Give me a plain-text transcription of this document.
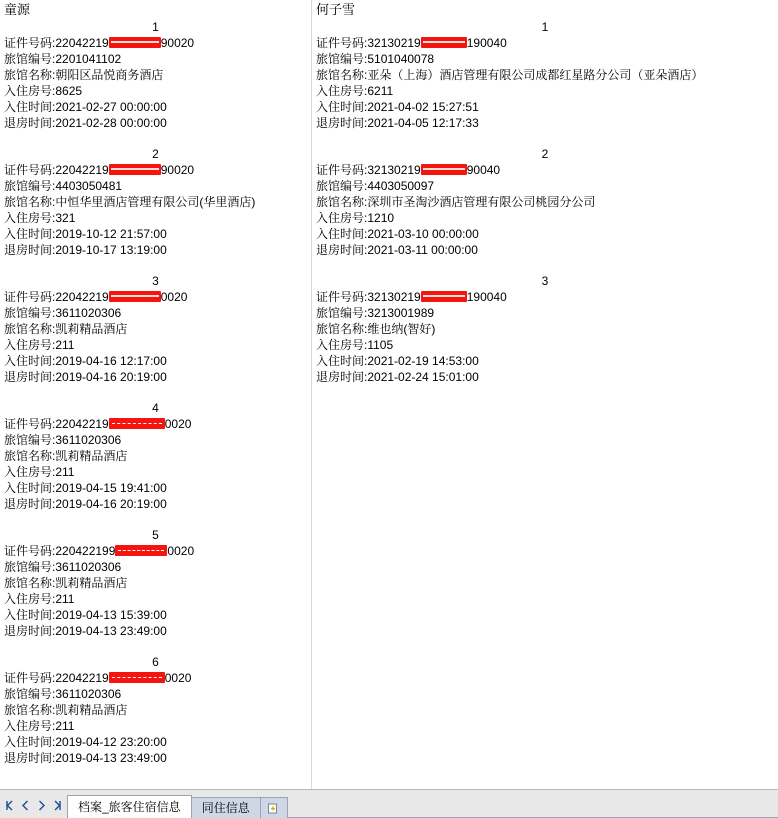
童源
1
证件号码:22042219	90020
旅馆编号:2201041102
旅馆名称:朝阳区品悦商务酒店
入住房号:8625
入住时间:2021-02-27 00:00:00
退房时间:2021-02-28 00:00:00
2
证件号码:22042219	90020
旅馆编号:4403050481
旅馆名称:中恒华里酒店管理有限公司(华里酒店)
入住房号:321
入住时间:2019-10-12 21:57:00
退房时间:2019-10-17 13:19:00
3
证件号码:22042219	0020
旅馆编号:3611020306
旅馆名称:凯莉精品酒店
入住房号:211
入住时间:2019-04-16 12:17:00
退房时间:2019-04-16 20:19:00
4
证件号码:22042219	0020
旅馆编号:3611020306
旅馆名称:凯莉精品酒店
入住房号:211
入住时间:2019-04-15 19:41:00
退房时间:2019-04-16 20:19:00
5
证件号码:220422199	0020
旅馆编号:3611020306
旅馆名称:凯莉精品酒店
入住房号:211
入住时间:2019-04-13 15:39:00
退房时间:2019-04-13 23:49:00
6
证件号码:22042219	0020
旅馆编号:3611020306
旅馆名称:凯莉精品酒店
入住房号:211
入住时间:2019-04-12 23:20:00
退房时间:2019-04-13 23:49:00
何子雪
1
证件号码:32130219	190040
旅馆编号:5101040078
旅馆名称:亚朵（上海）酒店管理有限公司成都红星路分公司（亚朵酒店）
入住房号:6211
入住时间:2021-04-02 15:27:51
退房时间:2021-04-05 12:17:33
2
证件号码:32130219	90040
旅馆编号:4403050097
旅馆名称:深圳市圣淘沙酒店管理有限公司桃园分公司
入住房号:1210
入住时间:2021-03-10 00:00:00
退房时间:2021-03-11 00:00:00
3
证件号码:32130219	190040
旅馆编号:3213001989
旅馆名称:维也纳(智好)
入住房号:1105
入住时间:2021-02-19 14:53:00
退房时间:2021-02-24 15:01:00
档案_旅客住宿信息	同住信息
